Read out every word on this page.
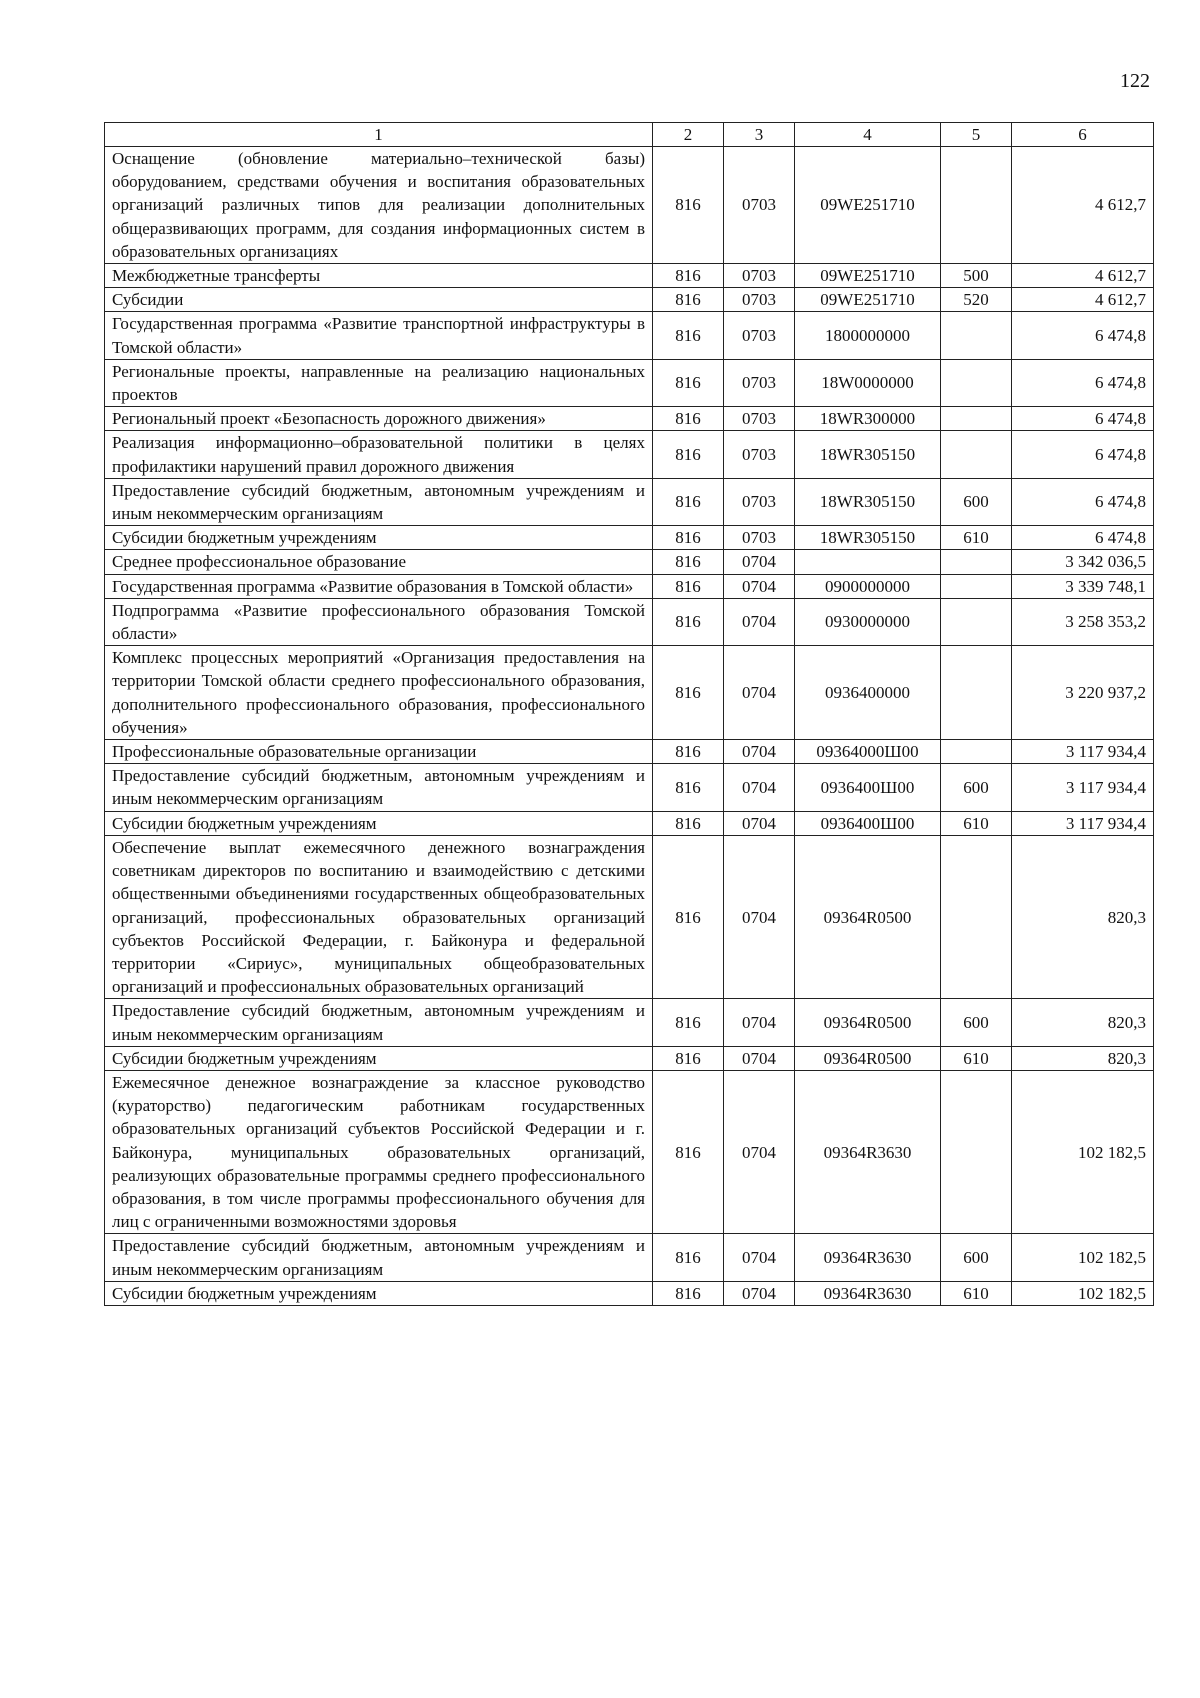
122
1	2	3	4	5	6
Оснащение (обновление материально–технической базы) оборудованием, средствами обучения и воспитания образовательных организаций различных типов для реализации дополнительных общеразвивающих программ, для создания информационных систем в образовательных организациях	816	0703	09WE251710		4 612,7
Межбюджетные трансферты	816	0703	09WE251710	500	4 612,7
Субсидии	816	0703	09WE251710	520	4 612,7
Государственная программа «Развитие транспортной инфраструктуры в Томской области»	816	0703	1800000000		6 474,8
Региональные проекты, направленные на реализацию национальных проектов	816	0703	18W0000000		6 474,8
Региональный проект «Безопасность дорожного движения»	816	0703	18WR300000		6 474,8
Реализация информационно–образовательной политики в целях профилактики нарушений правил дорожного движения	816	0703	18WR305150		6 474,8
Предоставление субсидий бюджетным, автономным учреждениям и иным некоммерческим организациям	816	0703	18WR305150	600	6 474,8
Субсидии бюджетным учреждениям	816	0703	18WR305150	610	6 474,8
Среднее профессиональное образование	816	0704			3 342 036,5
Государственная программа «Развитие образования в Томской области»	816	0704	0900000000		3 339 748,1
Подпрограмма «Развитие профессионального образования Томской области»	816	0704	0930000000		3 258 353,2
Комплекс процессных мероприятий «Организация предоставления на территории Томской области среднего профессионального образования, дополнительного профессионального образования, профессионального обучения»	816	0704	0936400000		3 220 937,2
Профессиональные образовательные организации	816	0704	09364000Ш00		3 117 934,4
Предоставление субсидий бюджетным, автономным учреждениям и иным некоммерческим организациям	816	0704	0936400Ш00	600	3 117 934,4
Субсидии бюджетным учреждениям	816	0704	0936400Ш00	610	3 117 934,4
Обеспечение выплат ежемесячного денежного вознаграждения советникам директоров по воспитанию и взаимодействию с детскими общественными объединениями государственных общеобразовательных организаций, профессиональных образовательных организаций субъектов Российской Федерации, г. Байконура и федеральной территории «Сириус», муниципальных общеобразовательных организаций и профессиональных образовательных организаций	816	0704	09364R0500		820,3
Предоставление субсидий бюджетным, автономным учреждениям и иным некоммерческим организациям	816	0704	09364R0500	600	820,3
Субсидии бюджетным учреждениям	816	0704	09364R0500	610	820,3
Ежемесячное денежное вознаграждение за классное руководство (кураторство) педагогическим работникам государственных образовательных организаций субъектов Российской Федерации и г. Байконура, муниципальных образовательных организаций, реализующих образовательные программы среднего профессионального образования, в том числе программы профессионального обучения для лиц с ограниченными возможностями здоровья	816	0704	09364R3630		102 182,5
Предоставление субсидий бюджетным, автономным учреждениям и иным некоммерческим организациям	816	0704	09364R3630	600	102 182,5
Субсидии бюджетным учреждениям	816	0704	09364R3630	610	102 182,5
